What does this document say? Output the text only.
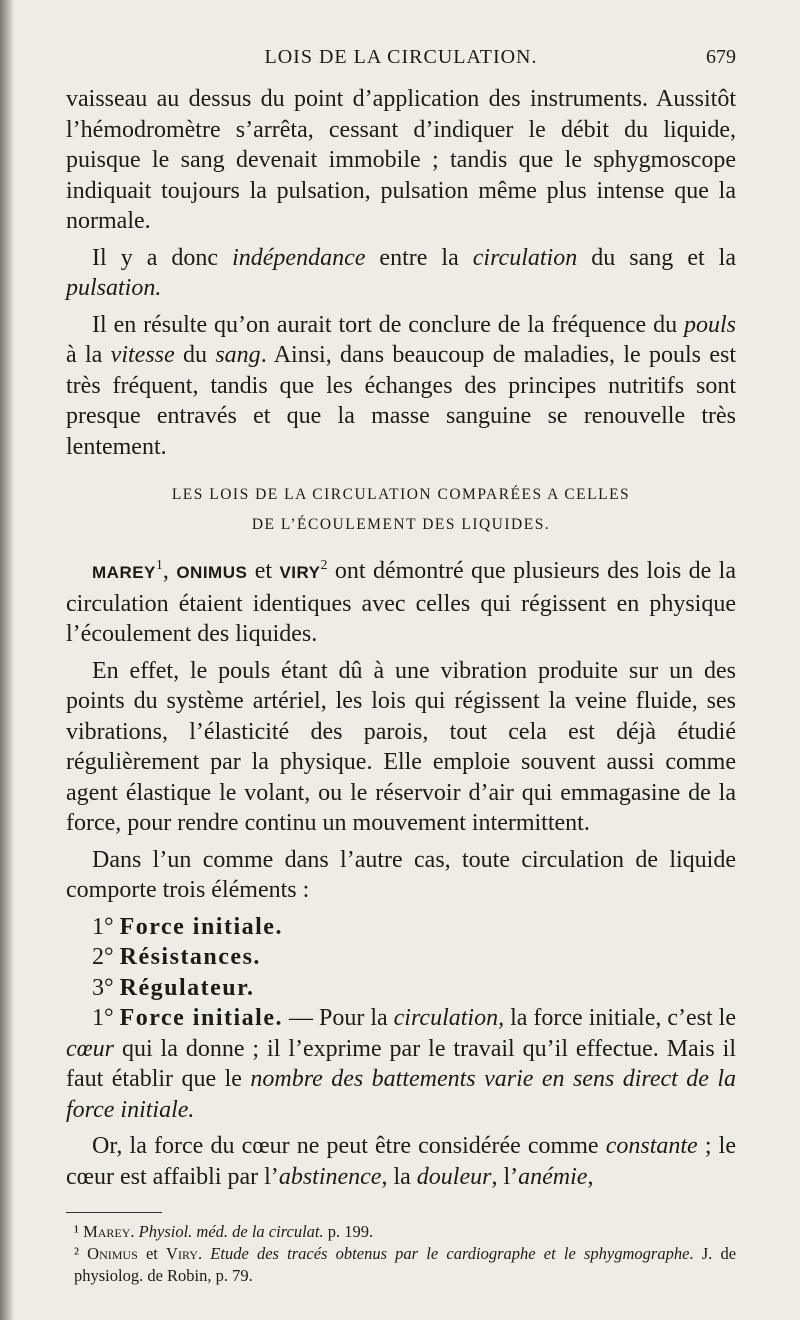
LOIS DE LA CIRCULATION.	679

vaisseau au dessus du point d’application des instruments. Aussitôt l’hémodromètre s’arrêta, cessant d’indiquer le débit du liquide, puisque le sang devenait immobile ; tandis que le sphygmoscope indiquait toujours la pulsation, pulsation même plus intense que la normale.

Il y a donc indépendance entre la circulation du sang et la pulsation.

Il en résulte qu’on aurait tort de conclure de la fréquence du pouls à la vitesse du sang. Ainsi, dans beaucoup de maladies, le pouls est très fréquent, tandis que les échanges des principes nutritifs sont presque entravés et que la masse sanguine se renouvelle très lentement.

LES LOIS DE LA CIRCULATION COMPARÉES A CELLES
DE L’ÉCOULEMENT DES LIQUIDES.

MAREY$^1$, ONIMUS et VIRY$^2$ ont démontré que plusieurs des lois de la circulation étaient identiques avec celles qui régissent en physique l’écoulement des liquides.

En effet, le pouls étant dû à une vibration produite sur un des points du système artériel, les lois qui régissent la veine fluide, ses vibrations, l’élasticité des parois, tout cela est déjà étudié régulièrement par la physique. Elle emploie souvent aussi comme agent élastique le volant, ou le réservoir d’air qui emmagasine de la force, pour rendre continu un mouvement intermittent.

Dans l’un comme dans l’autre cas, toute circulation de liquide comporte trois éléments :

1° Force initiale.
2° Résistances.
3° Régulateur.

1° Force initiale. — Pour la circulation, la force initiale, c’est le cœur qui la donne ; il l’exprime par le travail qu’il effectue. Mais il faut établir que le nombre des battements varie en sens direct de la force initiale.

Or, la force du cœur ne peut être considérée comme constante ; le cœur est affaibli par l’abstinence, la douleur, l’anémie,

¹ Marey. Physiol. méd. de la circulat. p. 199.

² Onimus et Viry. Etude des tracés obtenus par le cardiographe et le sphygmographe. J. de physiolog. de Robin, p. 79.
